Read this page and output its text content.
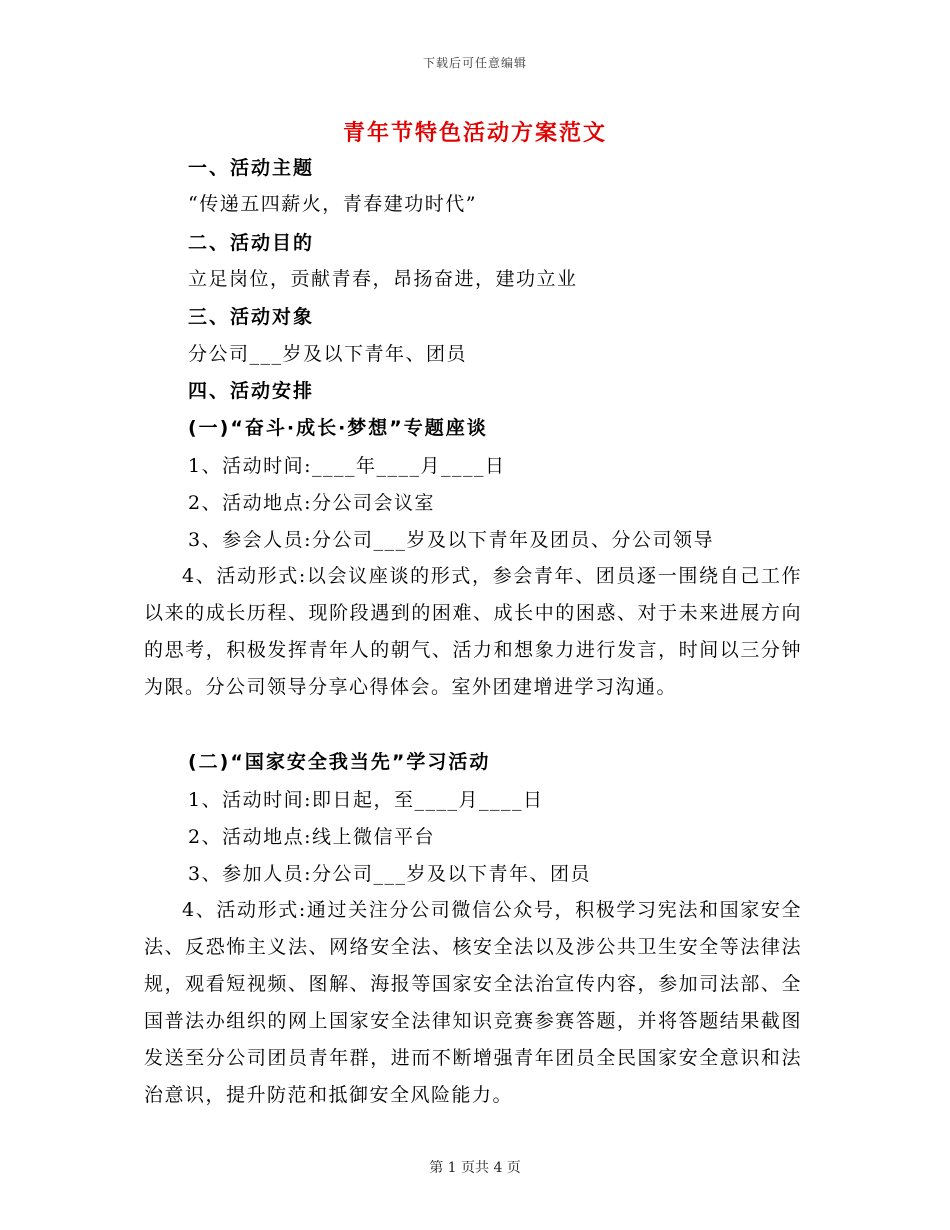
下载后可任意编辑
青年节特色活动方案范文
一、活动主题
“传递五四薪火，青春建功时代”
二、活动目的
立足岗位，贡献青春，昂扬奋进，建功立业
三、活动对象
分公司___岁及以下青年、团员
四、活动安排
(一)“奋斗·成长·梦想”专题座谈
1、活动时间:____年____月____日
2、活动地点:分公司会议室
3、参会人员:分公司___岁及以下青年及团员、分公司领导
4、活动形式:以会议座谈的形式，参会青年、团员逐一围绕自己工作以来的成长历程、现阶段遇到的困难、成长中的困惑、对于未来进展方向的思考，积极发挥青年人的朝气、活力和想象力进行发言，时间以三分钟为限。分公司领导分享心得体会。室外团建增进学习沟通。
(二)“国家安全我当先”学习活动
1、活动时间:即日起，至____月____日
2、活动地点:线上微信平台
3、参加人员:分公司___岁及以下青年、团员
4、活动形式:通过关注分公司微信公众号，积极学习宪法和国家安全法、反恐怖主义法、网络安全法、核安全法以及涉公共卫生安全等法律法规，观看短视频、图解、海报等国家安全法治宣传内容，参加司法部、全国普法办组织的网上国家安全法律知识竞赛参赛答题，并将答题结果截图发送至分公司团员青年群，进而不断增强青年团员全民国家安全意识和法治意识，提升防范和抵御安全风险能力。
第 1 页共 4 页
